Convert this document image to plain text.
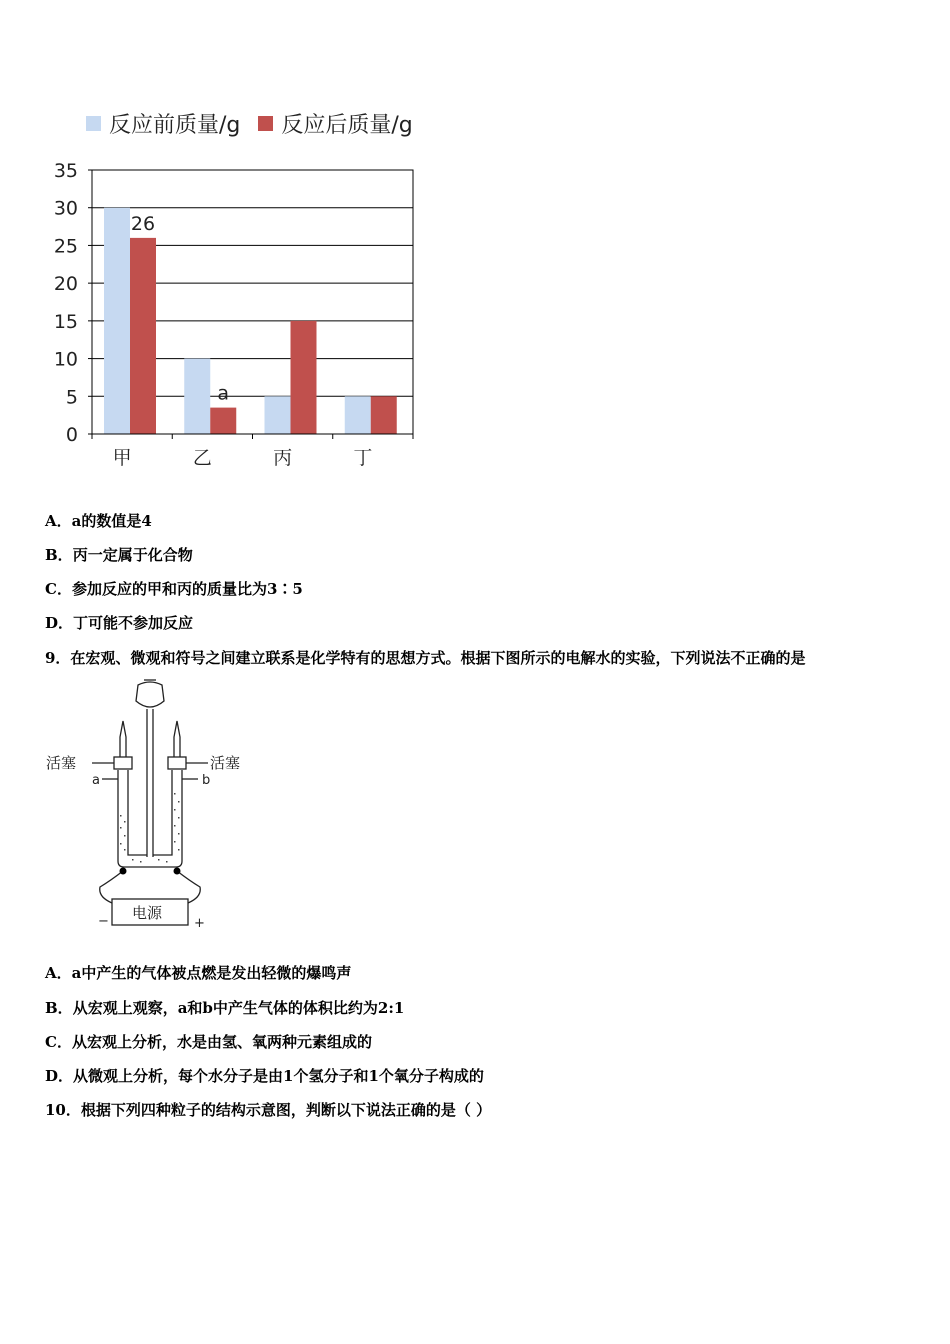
反应前质量/g 反应后质量/g
35
30
25
20
15
10
5
0
甲	乙	丙	丁
26
a
A．a的数值是4
B．丙一定属于化合物
C．参加反应的甲和丙的质量比为3∶5
D．丁可能不参加反应
9．在宏观、微观和符号之间建立联系是化学特有的思想方式。根据下图所示的电解水的实验，下列说法不正确的是
活塞	活塞
a	b
电源
−	+
A．a中产生的气体被点燃是发出轻微的爆鸣声
B．从宏观上观察，a和b中产生气体的体积比约为2:1
C．从宏观上分析，水是由氢、氧两种元素组成的
D．从微观上分析，每个水分子是由1个氢分子和1个氧分子构成的
10．根据下列四种粒子的结构示意图，判断以下说法正确的是（ ）
